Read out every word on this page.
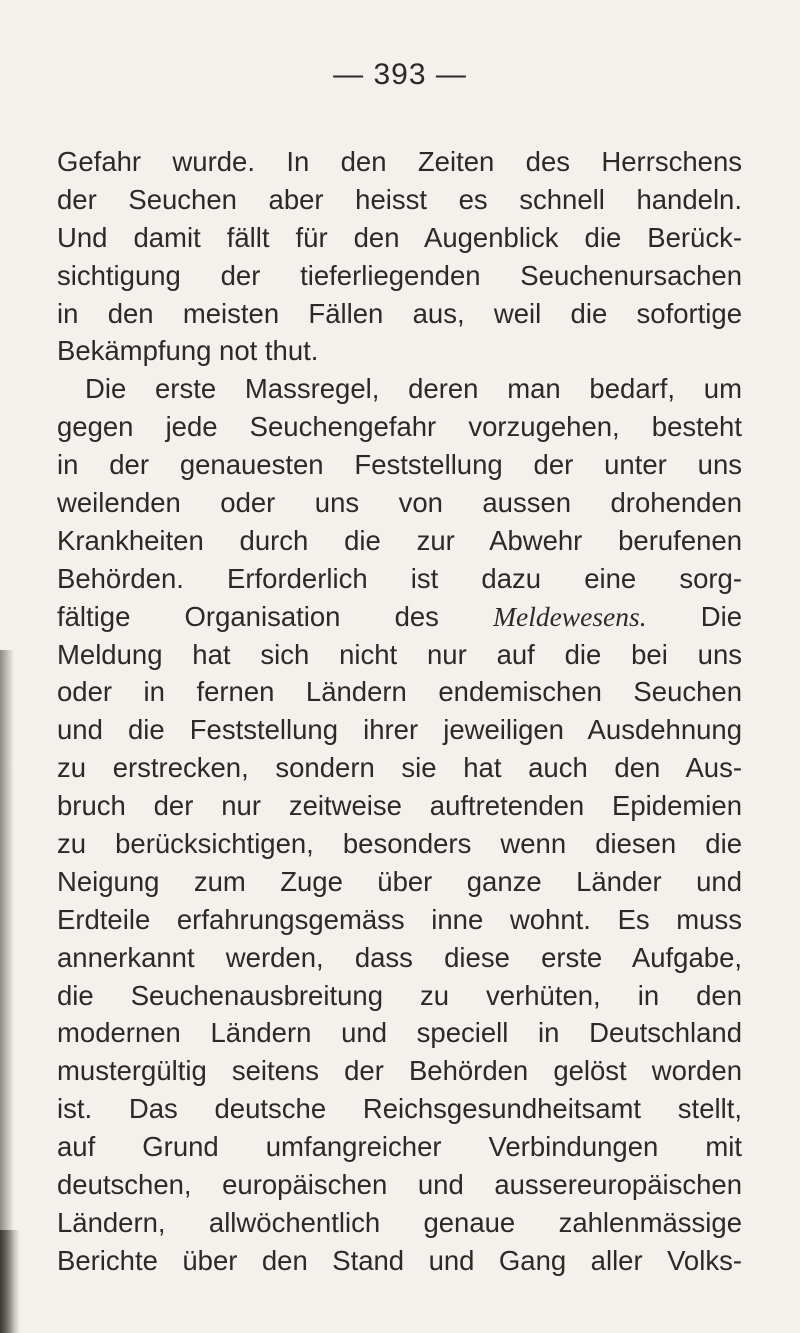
— 393 —
Gefahr wurde. In den Zeiten des Herrschens
der Seuchen aber heisst es schnell handeln.
Und damit fällt für den Augenblick die Berück-
sichtigung der tieferliegenden Seuchenursachen
in den meisten Fällen aus, weil die sofortige
Bekämpfung not thut.
Die erste Massregel, deren man bedarf, um
gegen jede Seuchengefahr vorzugehen, besteht
in der genauesten Feststellung der unter uns
weilenden oder uns von aussen drohenden
Krankheiten durch die zur Abwehr berufenen
Behörden. Erforderlich ist dazu eine sorg-
fältige Organisation des Meldewesens. Die
Meldung hat sich nicht nur auf die bei uns
oder in fernen Ländern endemischen Seuchen
und die Feststellung ihrer jeweiligen Ausdehnung
zu erstrecken, sondern sie hat auch den Aus-
bruch der nur zeitweise auftretenden Epidemien
zu berücksichtigen, besonders wenn diesen die
Neigung zum Zuge über ganze Länder und
Erdteile erfahrungsgemäss inne wohnt. Es muss
annerkannt werden, dass diese erste Aufgabe,
die Seuchenausbreitung zu verhüten, in den
modernen Ländern und speciell in Deutschland
mustergültig seitens der Behörden gelöst worden
ist. Das deutsche Reichsgesundheitsamt stellt,
auf Grund umfangreicher Verbindungen mit
deutschen, europäischen und aussereuropäischen
Ländern, allwöchentlich genaue zahlenmässige
Berichte über den Stand und Gang aller Volks-
